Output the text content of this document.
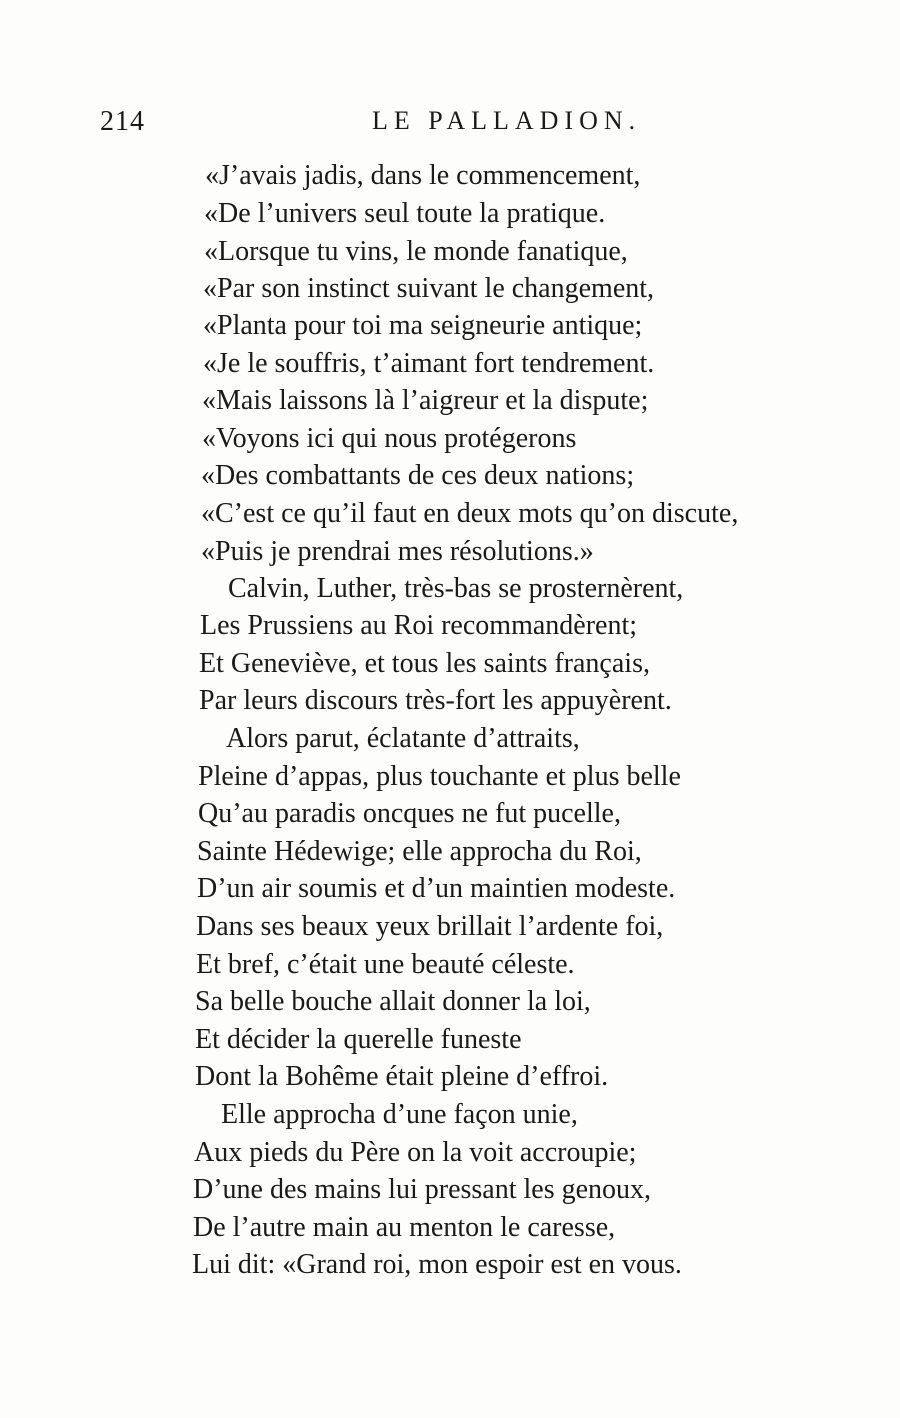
214	LE PALLADION.
«J’avais jadis, dans le commencement,
«De l’univers seul toute la pratique.
«Lorsque tu vins, le monde fanatique,
«Par son instinct suivant le changement,
«Planta pour toi ma seigneurie antique;
«Je le souffris, t’aimant fort tendrement.
«Mais laissons là l’aigreur et la dispute;
«Voyons ici qui nous protégerons
«Des combattants de ces deux nations;
«C’est ce qu’il faut en deux mots qu’on discute,
«Puis je prendrai mes résolutions.»
Calvin, Luther, très-bas se prosternèrent,
Les Prussiens au Roi recommandèrent;
Et Geneviève, et tous les saints français,
Par leurs discours très-fort les appuyèrent.
Alors parut, éclatante d’attraits,
Pleine d’appas, plus touchante et plus belle
Qu’au paradis oncques ne fut pucelle,
Sainte Hédewige; elle approcha du Roi,
D’un air soumis et d’un maintien modeste.
Dans ses beaux yeux brillait l’ardente foi,
Et bref, c’était une beauté céleste.
Sa belle bouche allait donner la loi,
Et décider la querelle funeste
Dont la Bohême était pleine d’effroi.
Elle approcha d’une façon unie,
Aux pieds du Père on la voit accroupie;
D’une des mains lui pressant les genoux,
De l’autre main au menton le caresse,
Lui dit: «Grand roi, mon espoir est en vous.
